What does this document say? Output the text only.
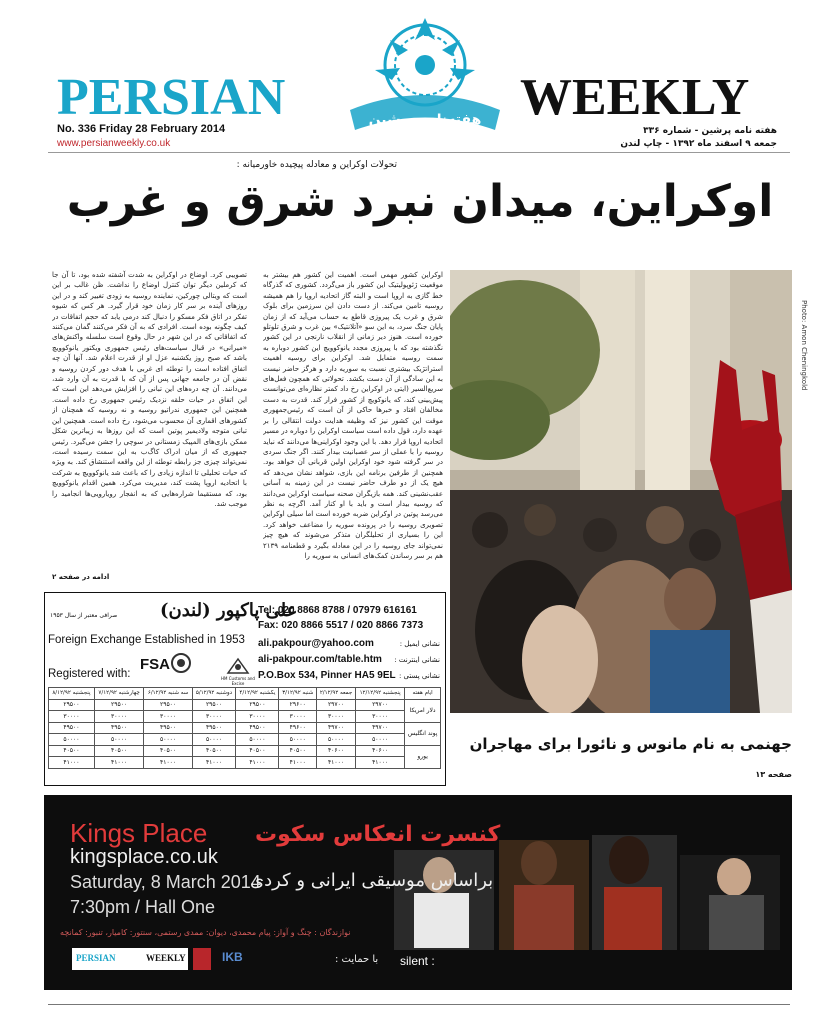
PERSIAN	هفته‌نامه پرشین WEEKLY
No. 336 Friday 28 February 2014
www.persianweekly.co.uk
هفته نامه پرشین - شماره ۳۳۶
جمعه ۹ اسفند ماه ۱۳۹۲ - چاپ لندن
تحولات اوکراین و معادله پیچیده خاورمیانه :
اوکراین، میدان نبرد شرق و غرب
اوکراین کشور مهمی است. اهمیت این کشور هم بیشتر به موقعیت ژئوپولیتیک این کشور باز می‌گردد. کشوری که گذرگاه خط گازی به اروپا است و البته گاز اتحادیه اروپا را هم همیشه روسیه تامین می‌کند. از دست دادن این سرزمین برای بلوک شرق و غرب یک پیروزی قاطع به حساب می‌آید که از زمان پایان جنگ سرد، به این سو «آتلانتیک» بین غرب و شرق تلوتلو خورده است. هنوز دیر زمانی از انقلاب نارنجی در این کشور نگذشته بود که با پیروزی مجدد یانوکوویچ این کشور دوباره به سمت روسیه متمایل شد. اوکراین برای روسیه اهمیت استراتژیک بیشتری نسبت به سوریه دارد و هرگز حاضر نیست به این سادگی از آن دست بکشد. تحولاتی که همچون فعل‌های سریع‌السیر (ایتی در اوکراین رخ داد کمتر نظاره‌ای می‌توانست پیش‌بینی کند، که یانوکویچ از کشور فرار کند. قدرت به دست مخالفان افتاد و خبرها حاکی از آن است که رئیس‌جمهوری موقت این کشور نیز که وظیفه هدایت دولت انتقالی را بر عهده دارد، قول داده است سیاست اوکراین را دوباره در مسیر اتحادیه اروپا قرار دهد. با این وجود اوکراینی‌ها می‌دانند که نباید روسیه را با عملی از سر عصبانیت بیدار کنند. اگر جنگ سردی در سر گرفته شود خود اوکراین اولین قربانی آن خواهد بود. همچنین از طرفین برنامه این بازی، شواهد نشان می‌دهد که هیچ یک از دو طرف حاضر نیست در این زمینه به آسانی عقب‌نشینی کند. همه بازیگران صحنه سیاست اوکراین می‌دانند که روسیه بیدار است و باید با او کنار آمد. اگرچه به نظر می‌رسد پوتین در اوکراین ضربه خورده است اما سیلی اوکراین تصویری روسیه را در پرونده سوریه را مضاعف خواهد کرد. این را بسیاری از تحلیلگران متذکر می‌شوند که هیچ چیز نمی‌تواند جای روسیه را در این معادله بگیرد و قطعنامه ۲۱۳۹ هم بر سر رساندن کمک‌های انسانی به سوریه را
تصویبی کرد. اوضاع در اوکراین به شدت آشفته شده بود، تا آن جا که کرملین دیگر توان کنترل اوضاع را نداشت. ظن غالب بر این است که ویتالی چورکین، نماینده روسیه به زودی تغییر کند و در این روزهای آینده بر سر کار زمان خود قرار گیرد. هر کس که شیوه تفکر در اتاق فکر مسکو را دنبال کند درمی یابد که حجم اتفاقات در کیف چگونه بوده است. افرادی که به آن فکر می‌کنند گمان می‌کنند که اتفاقاتی که در این شهر در حال وقوع است سلسله واکنش‌های «میرانی» در قبال سیاست‌های رئیس جمهوری ویکتور یانوکوویچ باشد که صبح روز یکشنبه عزل او از قدرت اعلام شد. آنها آن چه اتفاق افتاده است را توطئه ای غربی با هدف دور کردن روسیه و نقض آن در جامعه جهانی پس از آن که با قدرت به آن وارد شد، می‌دانند. آن چه دره‌های این تبانی را افزایش می‌دهد این است که این اتفاق در حیات حلقه نزدیک رئیس جمهوری رخ داده است. همچنین این جمهوری ندراتیو روسیه و نه روسیه که همچنان از کشورهای اقماری آن محسوب می‌شود، رخ داده است. همچنین این تبانی متوجه ولادیمیر پوتین است که این روزها به زیباترین شکل ممکن بازی‌های المپیک زمستانی در سوچی را جشن می‌گیرد. رئیس جمهوری که از میان ادراک کاگ‌ب به این سمت رسیده است، نمی‌تواند چیزی جز رابطه توطئه از این واقعه استنشاق کند. به ویژه که حیات تحلیلی تا اندازه زیادی را که باعث شد یانوکوویچ به شرکت با اتحادیه اروپا پشت کند، مدیریت می‌کرد. همین اقدام یانوکوویچ بود، که مستقیما شراره‌هایی که به انفجار رویارویی‌ها انجامید را موجب شد.
ادامه در صفحه ۲
Photo: Amon Cheningkold
جهنمی به نام مانوس و نائورا برای مهاجران
صفحه ۱۳
علی پاکپور (لندن)
صرافی معتبر از سال ۱۹۵۳
Foreign Exchange Established in 1953
Registered with:
FSA
HM Customs and Excise
Tel: 020 8868 8788 / 07979 616161
Fax: 020 8866 5517 / 020 8866 7373
ali.pakpour@yahoo.com
ali-pakpour.com/table.htm
P.O.Box 534, Pinner HA5 9EL
نشانی ایمیل :
نشانی اینترنت :
نشانی پستی :
ایام هفته	پنجشنبه ۱۲/۱۲/۹۲	جمعه ۲/۱۲/۹۲	شنبه ۳/۱۲/۹۲	یکشنبه ۴/۱۲/۹۲	دوشنبه ۵/۱۲/۹۲	سه شنبه ۶/۱۲/۹۲	چهارشنبه ۷/۱۲/۹۲	پنجشنبه ۸/۱۲/۹۲
دلار امریکا	۲۹۷۰۰	۲۹۷۰۰	۲۹۶۰۰	۲۹۵۰۰	۲۹۵۰۰	۲۹۵۰۰	۲۹۵۰۰	۲۹۵۰۰
	۳۰۰۰۰	۳۰۰۰۰	۳۰۰۰۰	۳۰۰۰۰	۳۰۰۰۰	۳۰۰۰۰	۳۰۰۰۰	۳۰۰۰۰
پوند انگلیس	۴۹۷۰۰	۴۹۷۰۰	۴۹۶۰۰	۴۹۵۰۰	۴۹۵۰۰	۴۹۵۰۰	۴۹۵۰۰	۴۹۵۰۰
	۵۰۰۰۰	۵۰۰۰۰	۵۰۰۰۰	۵۰۰۰۰	۵۰۰۰۰	۵۰۰۰۰	۵۰۰۰۰	۵۰۰۰۰
یورو	۴۰۶۰۰	۴۰۶۰۰	۴۰۵۰۰	۴۰۵۰۰	۴۰۵۰۰	۴۰۵۰۰	۴۰۵۰۰	۴۰۵۰۰
	۴۱۰۰۰	۴۱۰۰۰	۴۱۰۰۰	۴۱۰۰۰	۴۱۰۰۰	۴۱۰۰۰	۴۱۰۰۰	۴۱۰۰۰
Kings Place
kingsplace.co.uk
Saturday, 8 March 2014
7:30pm / Hall One
کنسرت انعکاس سکوت
براساس موسیقی ایرانی و کردی
نوازندگان : چنگ و آواز: پیام محمدی، دیوان: ممدی رستمی، سنتور: کامیار، تنبور: کمانچه
PERSIAN	WEEKLY	IKB	silent :
با حمایت :
